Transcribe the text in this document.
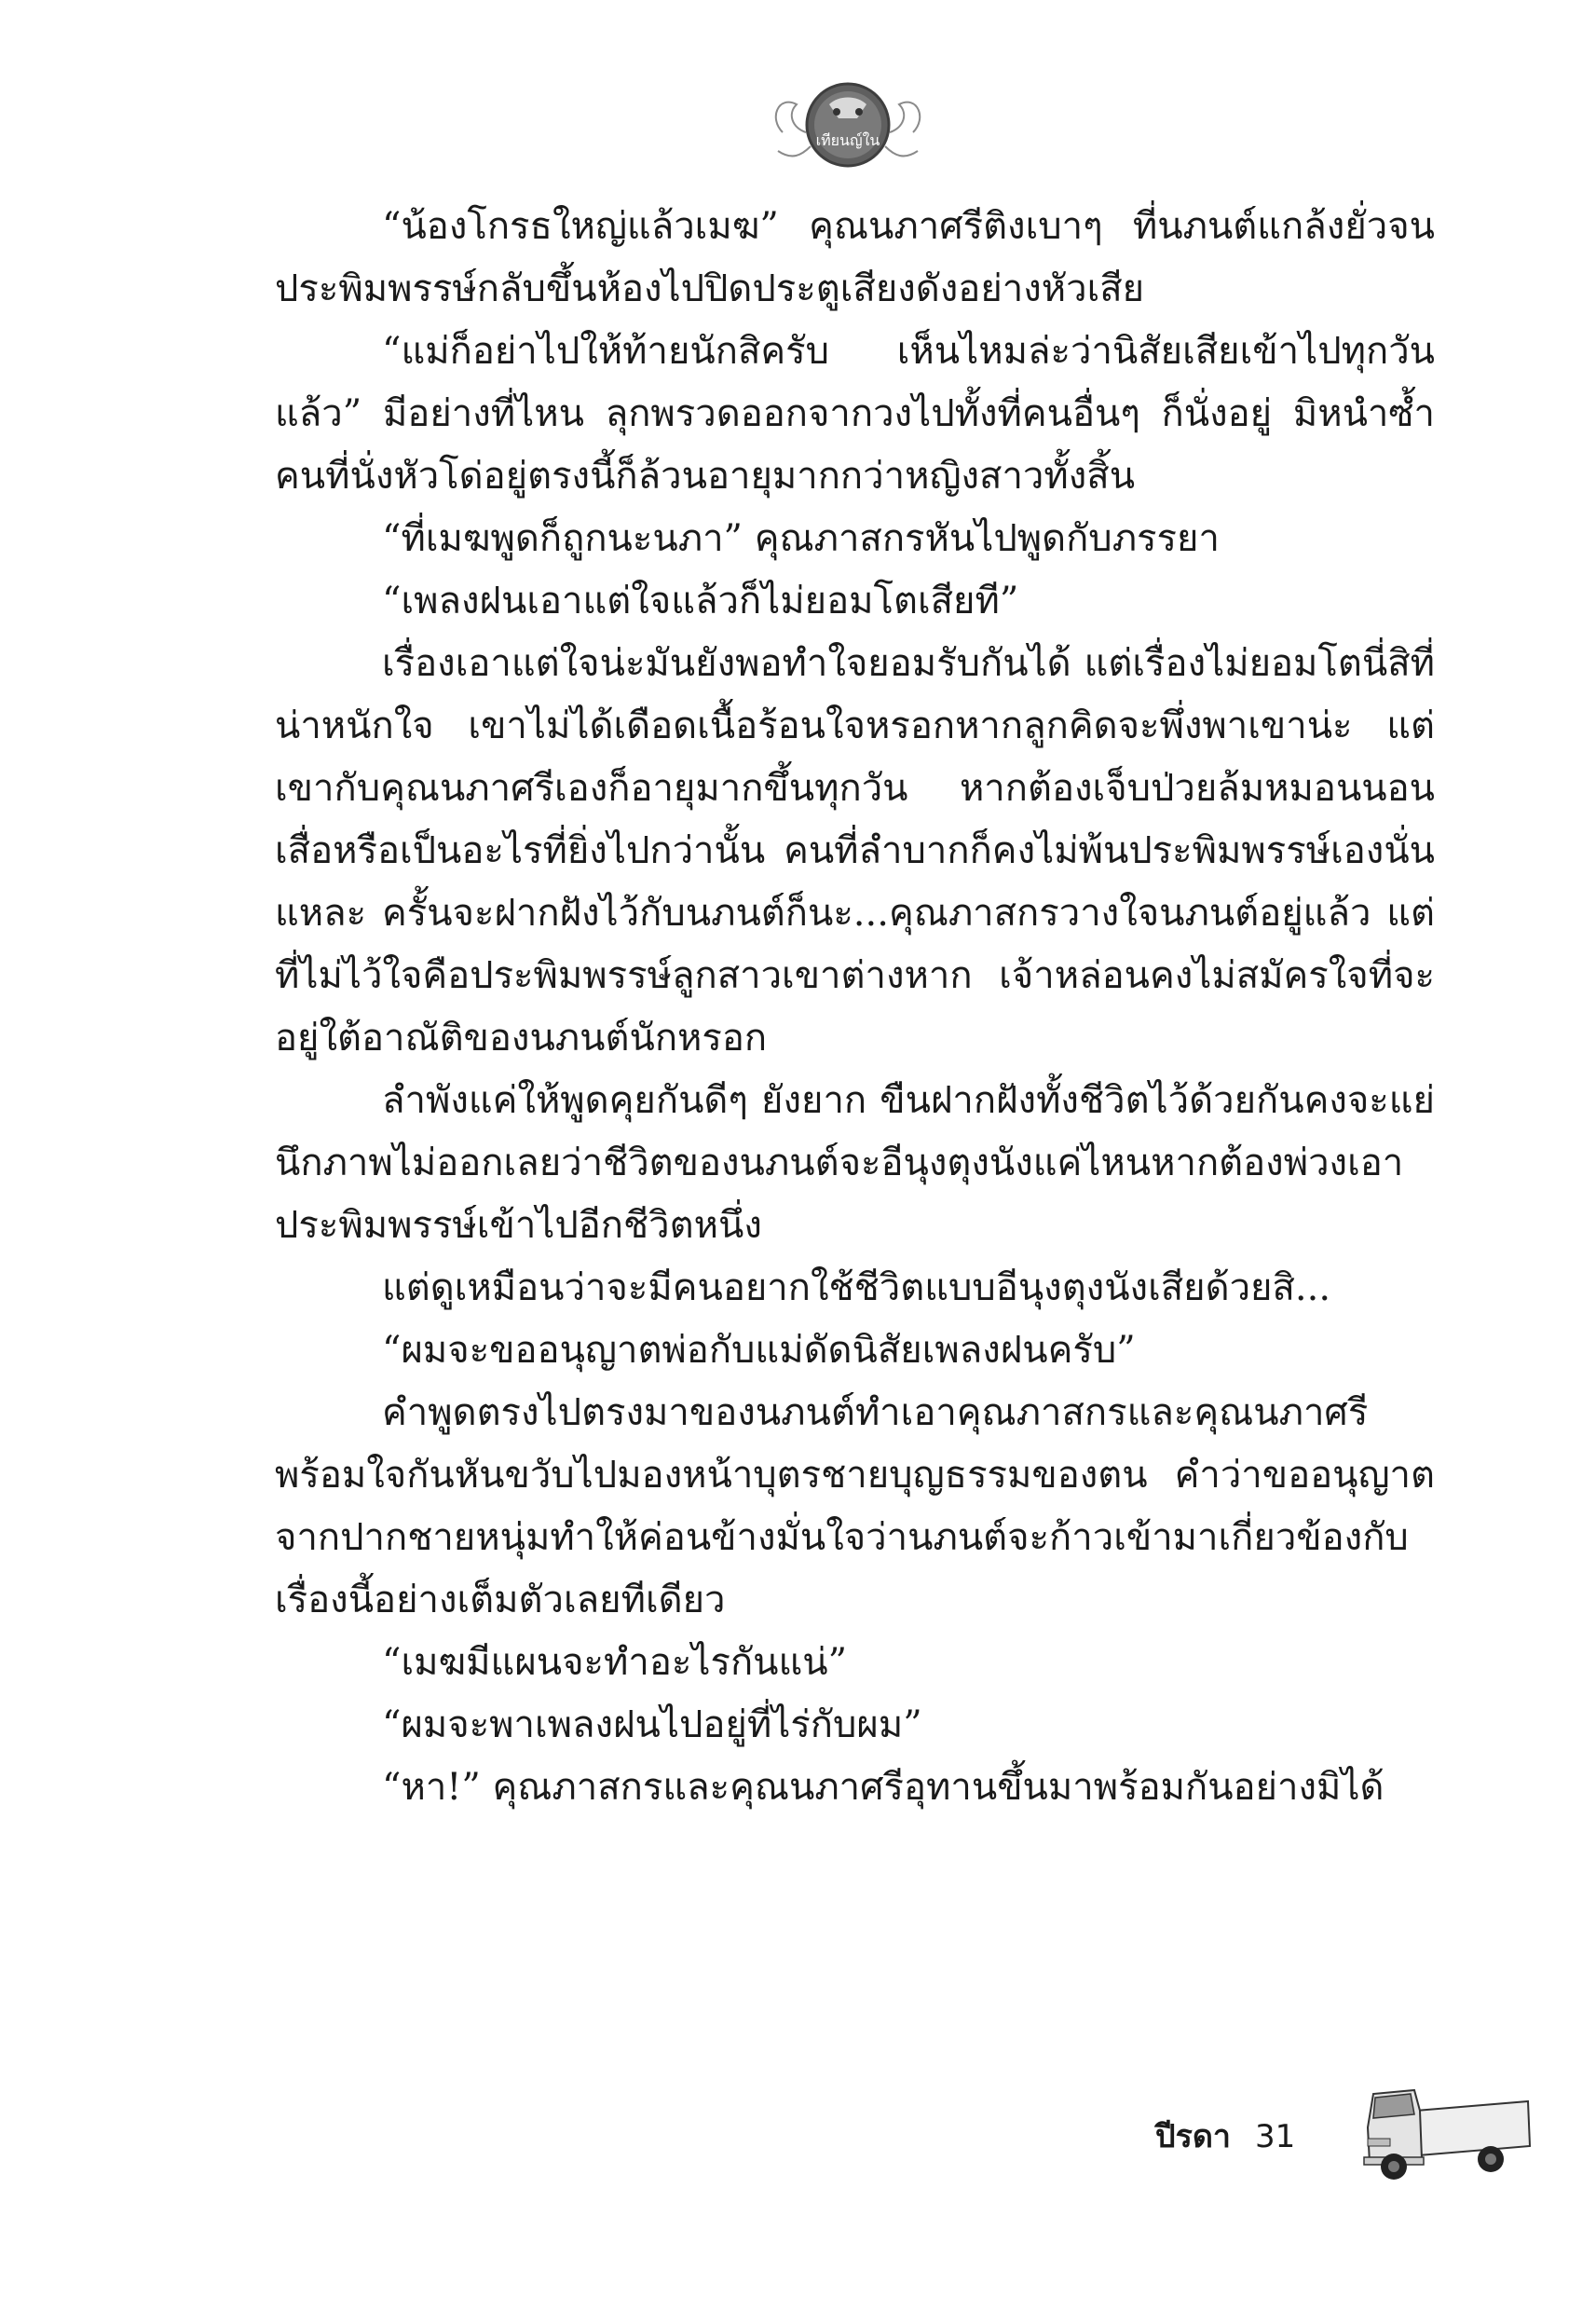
เทียนญ์ใน

“น้องโกรธใหญ่แล้วเมฆ” คุณนภาศรีติงเบาๆ ที่นภนต์แกล้งยั่วจนประพิมพรรษ์กลับขึ้นห้องไปปิดประตูเสียงดังอย่างหัวเสีย

“แม่ก็อย่าไปให้ท้ายนักสิครับ เห็นไหมล่ะว่านิสัยเสียเข้าไปทุกวันแล้ว” มีอย่างที่ไหน ลุกพรวดออกจากวงไปทั้งที่คนอื่นๆ ก็นั่งอยู่ มิหนำซ้ำคนที่นั่งหัวโด่อยู่ตรงนี้ก็ล้วนอายุมากกว่าหญิงสาวทั้งสิ้น

“ที่เมฆพูดก็ถูกนะนภา” คุณภาสกรหันไปพูดกับภรรยา

“เพลงฝนเอาแต่ใจแล้วก็ไม่ยอมโตเสียที”

เรื่องเอาแต่ใจน่ะมันยังพอทำใจยอมรับกันได้ แต่เรื่องไม่ยอมโตนี่สิที่น่าหนักใจ เขาไม่ได้เดือดเนื้อร้อนใจหรอกหากลูกคิดจะพึ่งพาเขาน่ะ แต่เขากับคุณนภาศรีเองก็อายุมากขึ้นทุกวัน หากต้องเจ็บป่วยล้มหมอนนอนเสื่อหรือเป็นอะไรที่ยิ่งไปกว่านั้น คนที่ลำบากก็คงไม่พ้นประพิมพรรษ์เองนั่นแหละ ครั้นจะฝากฝังไว้กับนภนต์ก็นะ...คุณภาสกรวางใจนภนต์อยู่แล้ว แต่ที่ไม่ไว้ใจคือประพิมพรรษ์ลูกสาวเขาต่างหาก เจ้าหล่อนคงไม่สมัครใจที่จะอยู่ใต้อาณัติของนภนต์นักหรอก

ลำพังแค่ให้พูดคุยกันดีๆ ยังยาก ขืนฝากฝังทั้งชีวิตไว้ด้วยกันคงจะแย่ นึกภาพไม่ออกเลยว่าชีวิตของนภนต์จะอีนุงตุงนังแค่ไหนหากต้องพ่วงเอาประพิมพรรษ์เข้าไปอีกชีวิตหนึ่ง

แต่ดูเหมือนว่าจะมีคนอยากใช้ชีวิตแบบอีนุงตุงนังเสียด้วยสิ...

“ผมจะขออนุญาตพ่อกับแม่ดัดนิสัยเพลงฝนครับ”

คำพูดตรงไปตรงมาของนภนต์ทำเอาคุณภาสกรและคุณนภาศรีพร้อมใจกันหันขวับไปมองหน้าบุตรชายบุญธรรมของตน คำว่าขออนุญาตจากปากชายหนุ่มทำให้ค่อนข้างมั่นใจว่านภนต์จะก้าวเข้ามาเกี่ยวข้องกับเรื่องนี้อย่างเต็มตัวเลยทีเดียว

“เมฆมีแผนจะทำอะไรกันแน่”

“ผมจะพาเพลงฝนไปอยู่ที่ไร่กับผม”

“หา!” คุณภาสกรและคุณนภาศรีอุทานขึ้นมาพร้อมกันอย่างมิได้

ปีรดา 31
